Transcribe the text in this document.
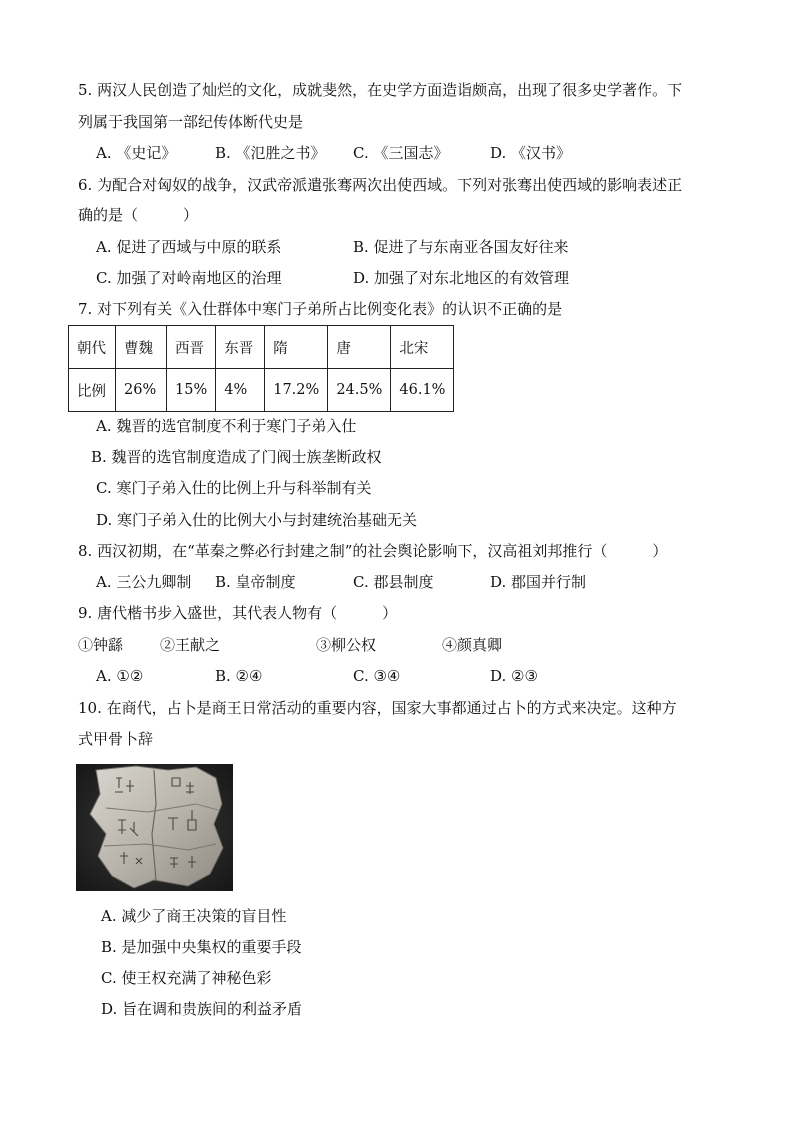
5. 两汉人民创造了灿烂的文化，成就斐然，在史学方面造诣颇高，出现了很多史学著作。下
列属于我国第一部纪传体断代史是
A. 《史记》	B. 《氾胜之书》 C. 《三国志》	D. 《汉书》
6. 为配合对匈奴的战争，汉武帝派遣张骞两次出使西域。下列对张骞出使西域的影响表述正
确的是（　　　）
A. 促进了西域与中原的联系	B. 促进了与东南亚各国友好往来
C. 加强了对岭南地区的治理	D. 加强了对东北地区的有效管理
7. 对下列有关《入仕群体中寒门子弟所占比例变化表》的认识不正确的是
朝代	曹魏	西晋	东晋	隋	唐	北宋
比例	26%	15%	4%	17.2%	24.5%	46.1%
A. 魏晋的选官制度不利于寒门子弟入仕
B. 魏晋的选官制度造成了门阀士族垄断政权
C. 寒门子弟入仕的比例上升与科举制有关
D. 寒门子弟入仕的比例大小与封建统治基础无关
8. 西汉初期，在“革秦之弊必行封建之制”的社会舆论影响下，汉高祖刘邦推行（　　　）
A. 三公九卿制 B. 皇帝制度	C. 郡县制度	D. 郡国并行制
9. 唐代楷书步入盛世，其代表人物有（　　　）
①钟繇 ②王献之	③柳公权	④颜真卿
A. ①②	B. ②④	C. ③④	D. ②③
10. 在商代，占卜是商王日常活动的重要内容，国家大事都通过占卜的方式来决定。这种方
式甲骨卜辞
A. 减少了商王决策的盲目性
B. 是加强中央集权的重要手段
C. 使王权充满了神秘色彩
D. 旨在调和贵族间的利益矛盾
